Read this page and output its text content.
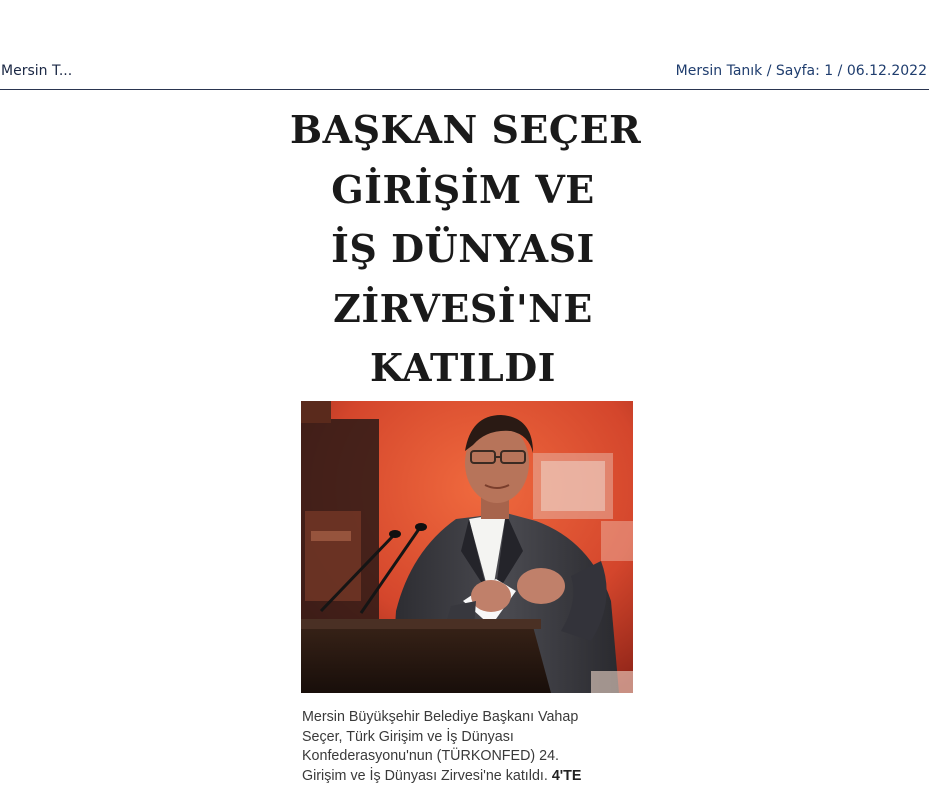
Mersin T...	Mersin Tanık / Sayfa: 1 / 06.12.2022
BAŞKAN SEÇER
GİRİŞİM VE
İŞ DÜNYASI
ZİRVESİ'NE
KATILDI
Mersin Büyükşehir Belediye Başkanı Vahap
Seçer, Türk Girişim ve İş Dünyası
Konfederasyonu'nun (TÜRKONFED) 24.
Girişim ve İş Dünyası Zirvesi'ne katıldı. 4'TE
